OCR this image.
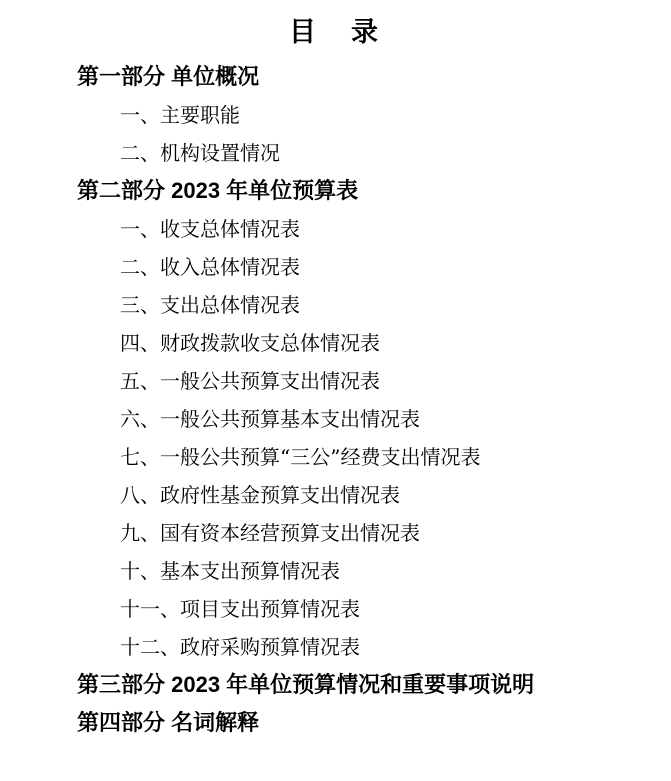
目　录
第一部分 单位概况
一、主要职能
二、机构设置情况
第二部分 2023 年单位预算表
一、收支总体情况表
二、收入总体情况表
三、支出总体情况表
四、财政拨款收支总体情况表
五、一般公共预算支出情况表
六、一般公共预算基本支出情况表
七、一般公共预算“三公”经费支出情况表
八、政府性基金预算支出情况表
九、国有资本经营预算支出情况表
十、基本支出预算情况表
十一、项目支出预算情况表
十二、政府采购预算情况表
第三部分 2023 年单位预算情况和重要事项说明
第四部分 名词解释
